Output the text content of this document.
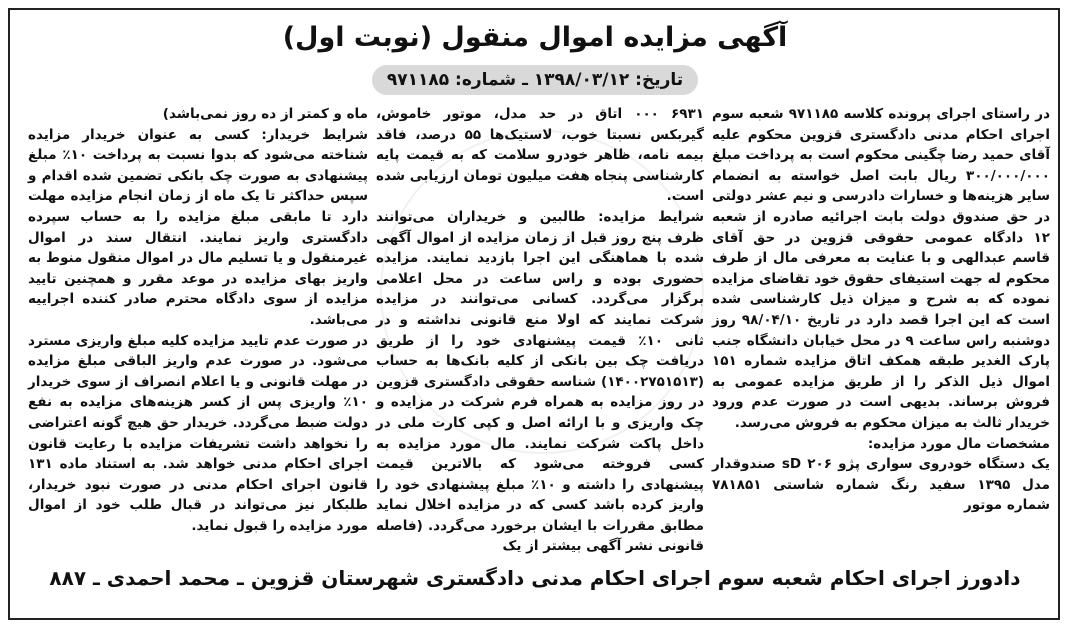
آگهی مزایده اموال منقول (نوبت اول)
تاریخ: ۱۳۹۸/۰۳/۱۲ ـ شماره: ۹۷۱۱۸۵

در راستای اجرای پرونده کلاسه ۹۷۱۱۸۵ شعبه سوم اجرای احکام مدنی دادگستری قزوین محکوم علیه آقای حمید رضا چگینی محکوم است به پرداخت مبلغ ۳۰۰/۰۰۰/۰۰۰ ریال بابت اصل خواسته به انضمام سایر هزینه‌ها و خسارات دادرسی و نیم عشر دولتی در حق صندوق دولت بابت اجرائیه صادره از شعبه ۱۲ دادگاه عمومی حقوقی قزوین در حق آقای قاسم عبدالهی و با عنایت به معرفی مال از طرف محکوم له جهت استیفای حقوق خود تقاضای مزایده نموده که به شرح و میزان ذیل کارشناسی شده است که این اجرا قصد دارد در تاریخ ۹۸/۰۴/۱۰ روز دوشنبه راس ساعت ۹ در محل خیابان دانشگاه جنب پارک الغدیر طبقه همکف اتاق مزایده شماره ۱۵۱ اموال ذیل الذکر را از طریق مزایده عمومی به فروش برساند. بدیهی است در صورت عدم ورود خریدار ثالث به میزان محکوم به فروش می‌رسد.

مشخصات مال مورد مزایده:

یک دستگاه خودروی سواری پژو ۲۰۶ sD صندوقدار مدل ۱۳۹۵ سفید رنگ شماره شاستی ۷۸۱۸۵۱ شماره موتور

۶۹۳۱ ۰۰۰ اتاق در حد مدل، موتور خاموش، گیربکس نسبتا خوب، لاستیک‌ها ۵۵ درصد، فاقد بیمه نامه، ظاهر خودرو سلامت که به قیمت پایه کارشناسی پنجاه هفت میلیون تومان ارزیابی شده است.

شرایط مزایده: طالبین و خریداران می‌توانند ظرف پنج روز قبل از زمان مزایده از اموال آگهی شده با هماهنگی این اجرا بازدید نمایند. مزایده حضوری بوده و راس ساعت در محل اعلامی برگزار می‌گردد. کسانی می‌توانند در مزایده شرکت نمایند که اولا منع قانونی نداشته و در ثانی ۱۰٪ قیمت پیشنهادی خود را از طریق دریافت چک بین بانکی از کلیه بانک‌ها به حساب (۱۴۰۰۲۷۵۱۵۱۳) شناسه حقوقی دادگستری قزوین در روز مزایده به همراه فرم شرکت در مزایده و چک واریزی و با ارائه اصل و کپی کارت ملی در داخل پاکت شرکت نمایند. مال مورد مزایده به کسی فروخته می‌شود که بالاترین قیمت پیشنهادی را داشته و ۱۰٪ مبلغ پیشنهادی خود را واریز کرده باشد کسی که در مزایده اخلال نماید مطابق مقررات با ایشان برخورد می‌گردد. (فاصله قانونی نشر آگهی بیشتر از یک

ماه و کمتر از ده روز نمی‌باشد)

شرایط خریدار: کسی به عنوان خریدار مزایده شناخته می‌شود که بدوا نسبت به پرداخت ۱۰٪ مبلغ پیشنهادی به صورت چک بانکی تضمین شده اقدام و سپس حداکثر تا یک ماه از زمان انجام مزایده مهلت دارد تا مابقی مبلغ مزایده را به حساب سپرده دادگستری واریز نمایند. انتقال سند در اموال غیرمنقول و یا تسلیم مال در اموال منقول منوط به واریز بهای مزایده در موعد مقرر و همچنین تایید مزایده از سوی دادگاه محترم صادر کننده اجراییه می‌باشد.

در صورت عدم تایید مزایده کلیه مبلغ واریزی مسترد می‌شود. در صورت عدم واریز الباقی مبلغ مزایده در مهلت قانونی و یا اعلام انصراف از سوی خریدار ۱۰٪ واریزی پس از کسر هزینه‌های مزایده به نفع دولت ضبط می‌گردد. خریدار حق هیچ گونه اعتراضی را نخواهد داشت تشریفات مزایده با رعایت قانون اجرای احکام مدنی خواهد شد. به استناد ماده ۱۳۱ قانون اجرای احکام مدنی در صورت نبود خریدار، طلبکار نیز می‌تواند در قبال طلب خود از اموال مورد مزایده را قبول نماید.

دادورز اجرای احکام شعبه سوم اجرای احکام مدنی دادگستری شهرستان قزوین ـ محمد احمدی ـ ۸۸۷
